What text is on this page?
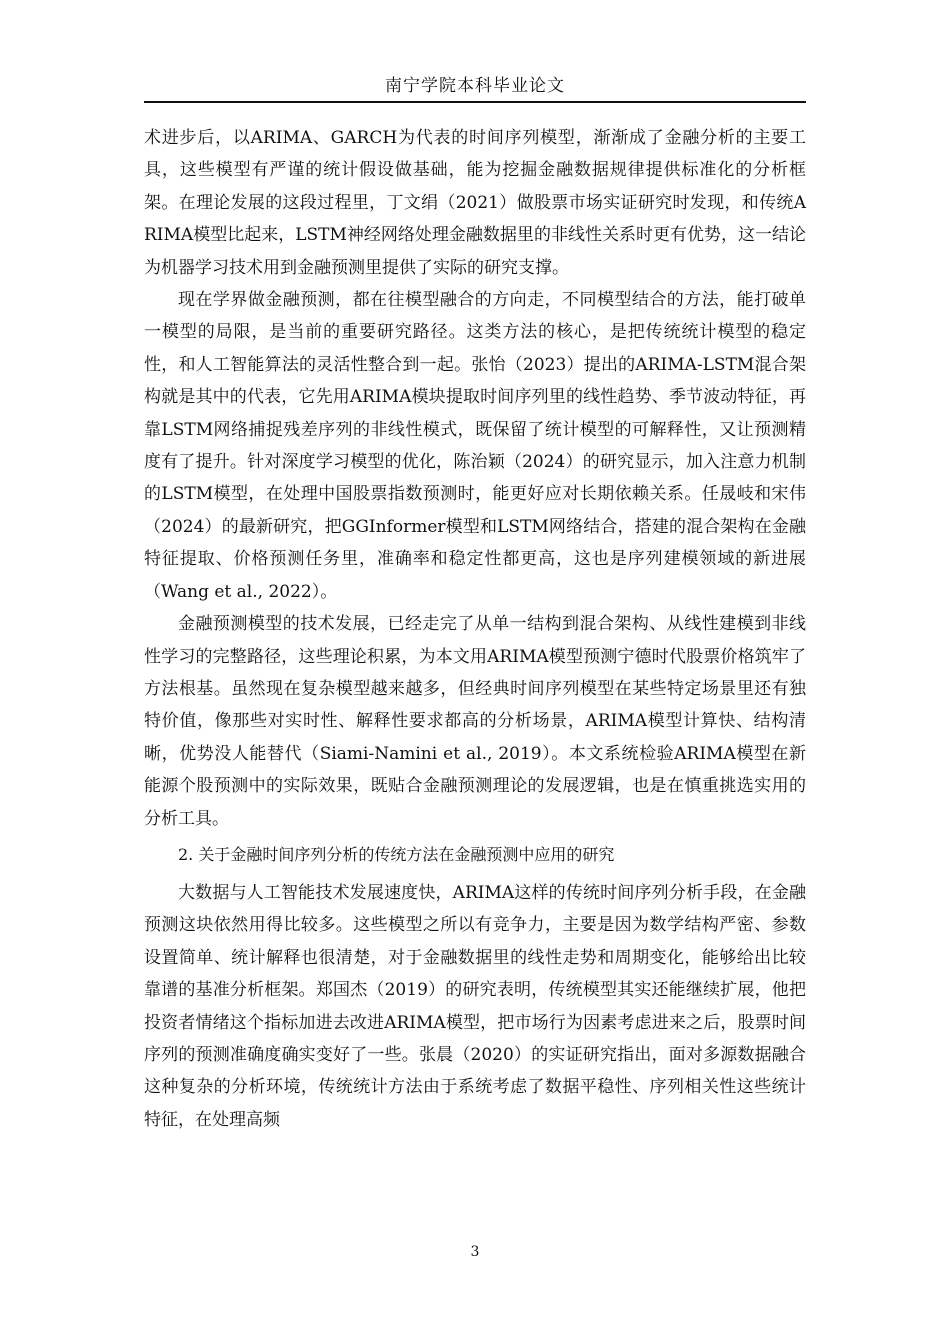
南宁学院本科毕业论文

术进步后，以ARIMA、GARCH为代表的时间序列模型，渐渐成了金融分析的主要工具，这些模型有严谨的统计假设做基础，能为挖掘金融数据规律提供标准化的分析框架。在理论发展的这段过程里，丁文绢（2021）做股票市场实证研究时发现，和传统ARIMA模型比起来，LSTM神经网络处理金融数据里的非线性关系时更有优势，这一结论为机器学习技术用到金融预测里提供了实际的研究支撑。

现在学界做金融预测，都在往模型融合的方向走，不同模型结合的方法，能打破单一模型的局限，是当前的重要研究路径。这类方法的核心，是把传统统计模型的稳定性，和人工智能算法的灵活性整合到一起。张怡（2023）提出的ARIMA-LSTM混合架构就是其中的代表，它先用ARIMA模块提取时间序列里的线性趋势、季节波动特征，再靠LSTM网络捕捉残差序列的非线性模式，既保留了统计模型的可解释性，又让预测精度有了提升。针对深度学习模型的优化，陈治颖（2024）的研究显示，加入注意力机制的LSTM模型，在处理中国股票指数预测时，能更好应对长期依赖关系。任晟岐和宋伟（2024）的最新研究，把GGInformer模型和LSTM网络结合，搭建的混合架构在金融特征提取、价格预测任务里，准确率和稳定性都更高，这也是序列建模领域的新进展（Wang et al., 2022）。

金融预测模型的技术发展，已经走完了从单一结构到混合架构、从线性建模到非线性学习的完整路径，这些理论积累，为本文用ARIMA模型预测宁德时代股票价格筑牢了方法根基。虽然现在复杂模型越来越多，但经典时间序列模型在某些特定场景里还有独特价值，像那些对实时性、解释性要求都高的分析场景，ARIMA模型计算快、结构清晰，优势没人能替代（Siami-Namini et al., 2019）。本文系统检验ARIMA模型在新能源个股预测中的实际效果，既贴合金融预测理论的发展逻辑，也是在慎重挑选实用的分析工具。

2. 关于金融时间序列分析的传统方法在金融预测中应用的研究

大数据与人工智能技术发展速度快，ARIMA这样的传统时间序列分析手段，在金融预测这块依然用得比较多。这些模型之所以有竞争力，主要是因为数学结构严密、参数设置简单、统计解释也很清楚，对于金融数据里的线性走势和周期变化，能够给出比较靠谱的基准分析框架。郑国杰（2019）的研究表明，传统模型其实还能继续扩展，他把投资者情绪这个指标加进去改进ARIMA模型，把市场行为因素考虑进来之后，股票时间序列的预测准确度确实变好了一些。张晨（2020）的实证研究指出，面对多源数据融合这种复杂的分析环境，传统统计方法由于系统考虑了数据平稳性、序列相关性这些统计特征，在处理高频

3
